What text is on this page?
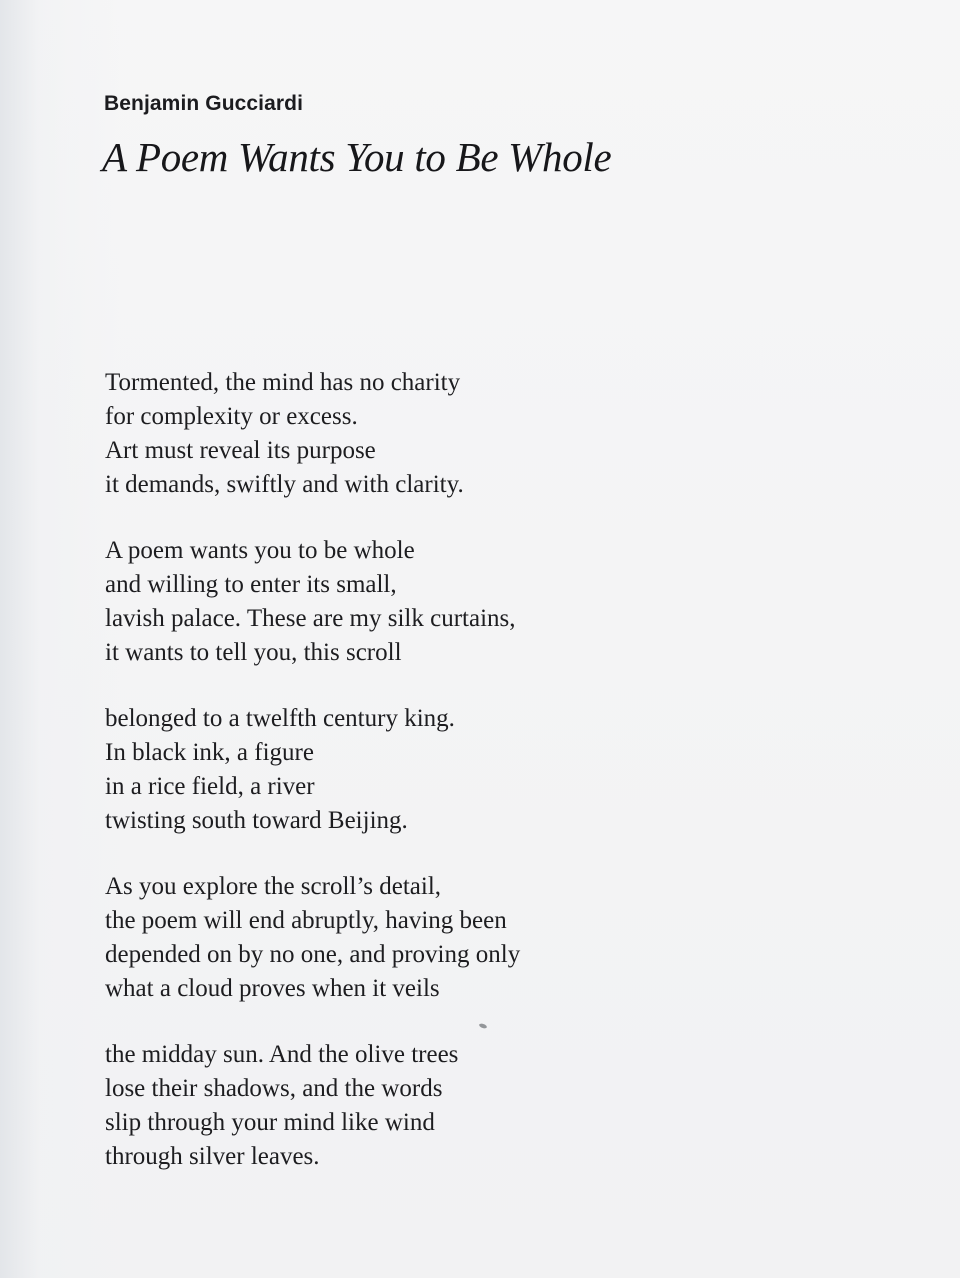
Benjamin Gucciardi

A Poem Wants You to Be Whole
Tormented, the mind has no charity
for complexity or excess.
Art must reveal its purpose
it demands, swiftly and with clarity.
A poem wants you to be whole
and willing to enter its small,
lavish palace. These are my silk curtains,
it wants to tell you, this scroll
belonged to a twelfth century king.
In black ink, a figure
in a rice field, a river
twisting south toward Beijing.
As you explore the scroll’s detail,
the poem will end abruptly, having been
depended on by no one, and proving only
what a cloud proves when it veils
the midday sun. And the olive trees
lose their shadows, and the words
slip through your mind like wind
through silver leaves.
